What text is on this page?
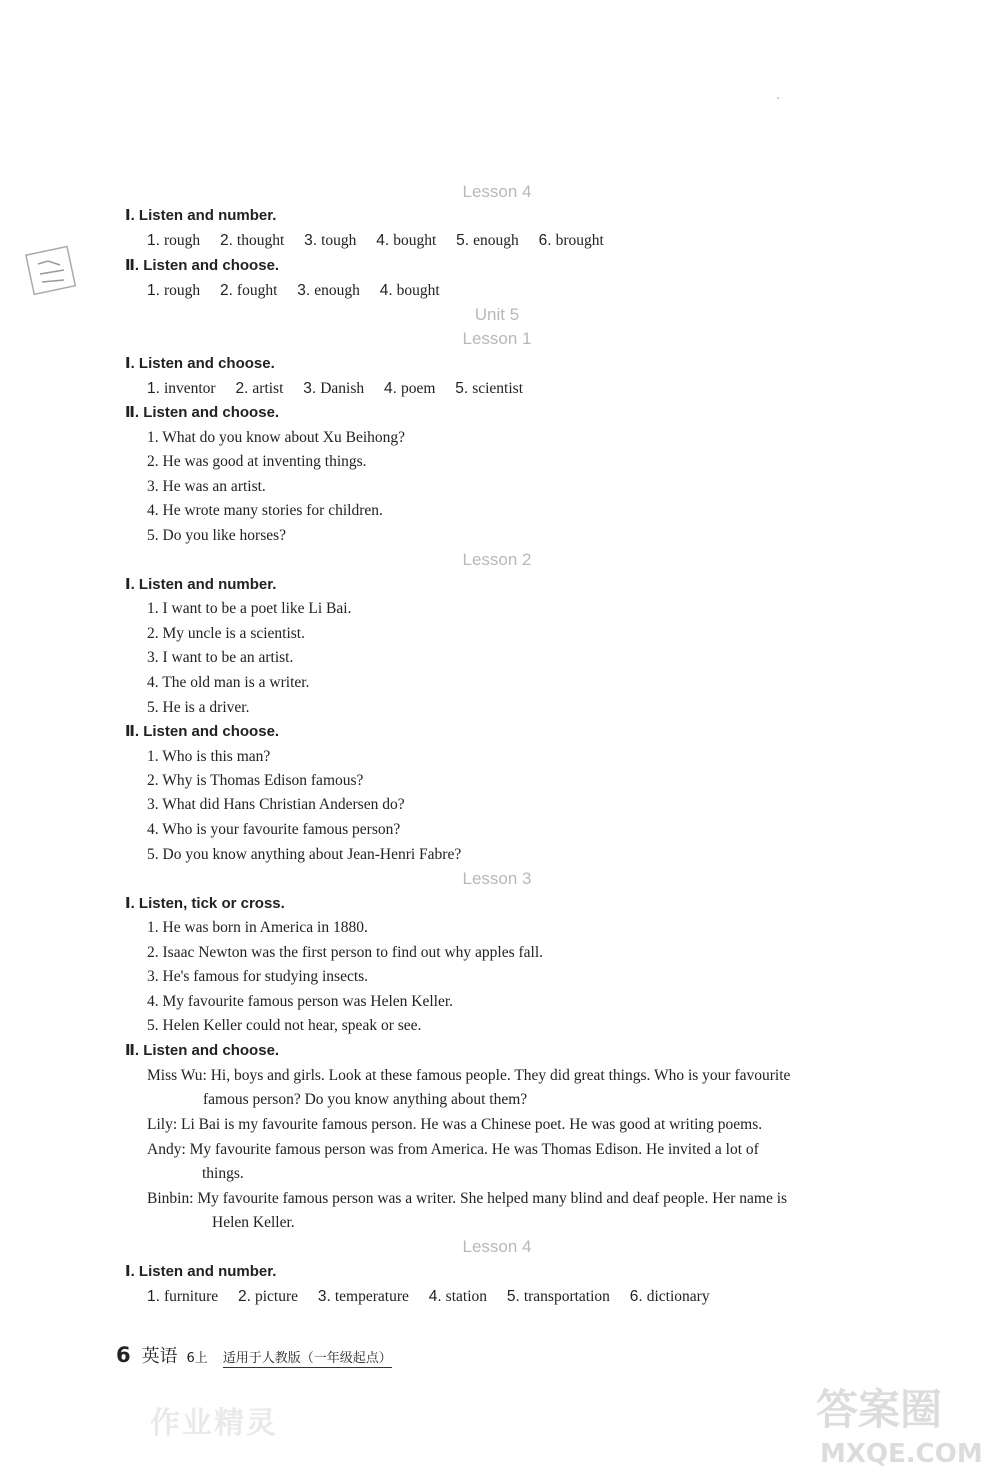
Lesson 4
Ⅰ. Listen and number.
1. rough 2. thought 3. tough 4. bought 5. enough 6. brought
Ⅱ. Listen and choose.
1. rough 2. fought 3. enough 4. bought
Unit 5
Lesson 1
Ⅰ. Listen and choose.
1. inventor 2. artist 3. Danish 4. poem 5. scientist
Ⅱ. Listen and choose.
1. What do you know about Xu Beihong?
2. He was good at inventing things.
3. He was an artist.
4. He wrote many stories for children.
5. Do you like horses?
Lesson 2
Ⅰ. Listen and number.
1. I want to be a poet like Li Bai.
2. My uncle is a scientist.
3. I want to be an artist.
4. The old man is a writer.
5. He is a driver.
Ⅱ. Listen and choose.
1. Who is this man?
2. Why is Thomas Edison famous?
3. What did Hans Christian Andersen do?
4. Who is your favourite famous person?
5. Do you know anything about Jean-Henri Fabre?
Lesson 3
Ⅰ. Listen, tick or cross.
1. He was born in America in 1880.
2. Isaac Newton was the first person to find out why apples fall.
3. He's famous for studying insects.
4. My favourite famous person was Helen Keller.
5. Helen Keller could not hear, speak or see.
Ⅱ. Listen and choose.
Miss Wu: Hi, boys and girls. Look at these famous people. They did great things. Who is your favourite
famous person? Do you know anything about them?
Lily: Li Bai is my favourite famous person. He was a Chinese poet. He was good at writing poems.
Andy: My favourite famous person was from America. He was Thomas Edison. He invited a lot of
things.
Binbin: My favourite famous person was a writer. She helped many blind and deaf people. Her name is
Helen Keller.
Lesson 4
Ⅰ. Listen and number.
1. furniture 2. picture 3. temperature 4. station 5. transportation 6. dictionary
6 英语 6上 适用于人教版（一年级起点）
作业精灵	答案圈
MXQE.COM
